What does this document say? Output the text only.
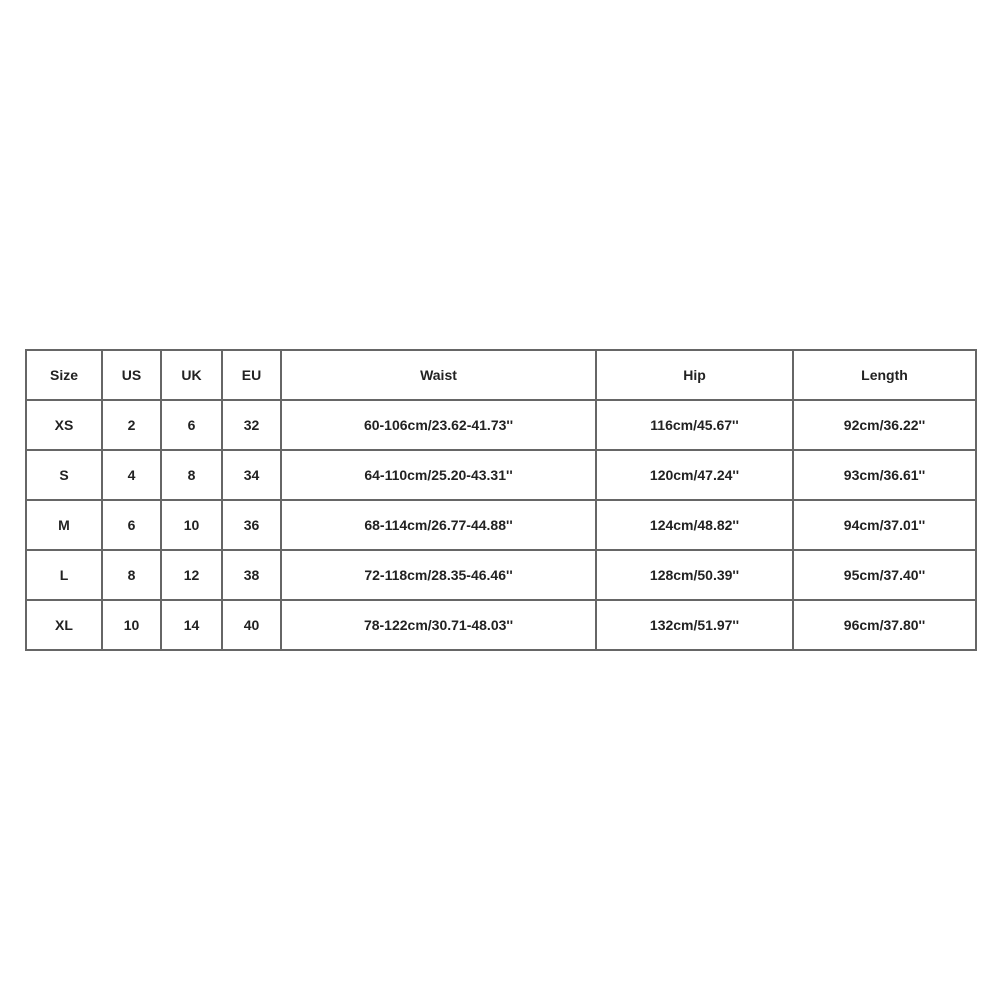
Size	US	UK	EU	Waist	Hip	Length
XS	2	6	32	60-106cm/23.62-41.73''	116cm/45.67''	92cm/36.22''
S	4	8	34	64-110cm/25.20-43.31''	120cm/47.24''	93cm/36.61''
M	6	10	36	68-114cm/26.77-44.88''	124cm/48.82''	94cm/37.01''
L	8	12	38	72-118cm/28.35-46.46''	128cm/50.39''	95cm/37.40''
XL	10	14	40	78-122cm/30.71-48.03''	132cm/51.97''	96cm/37.80''
